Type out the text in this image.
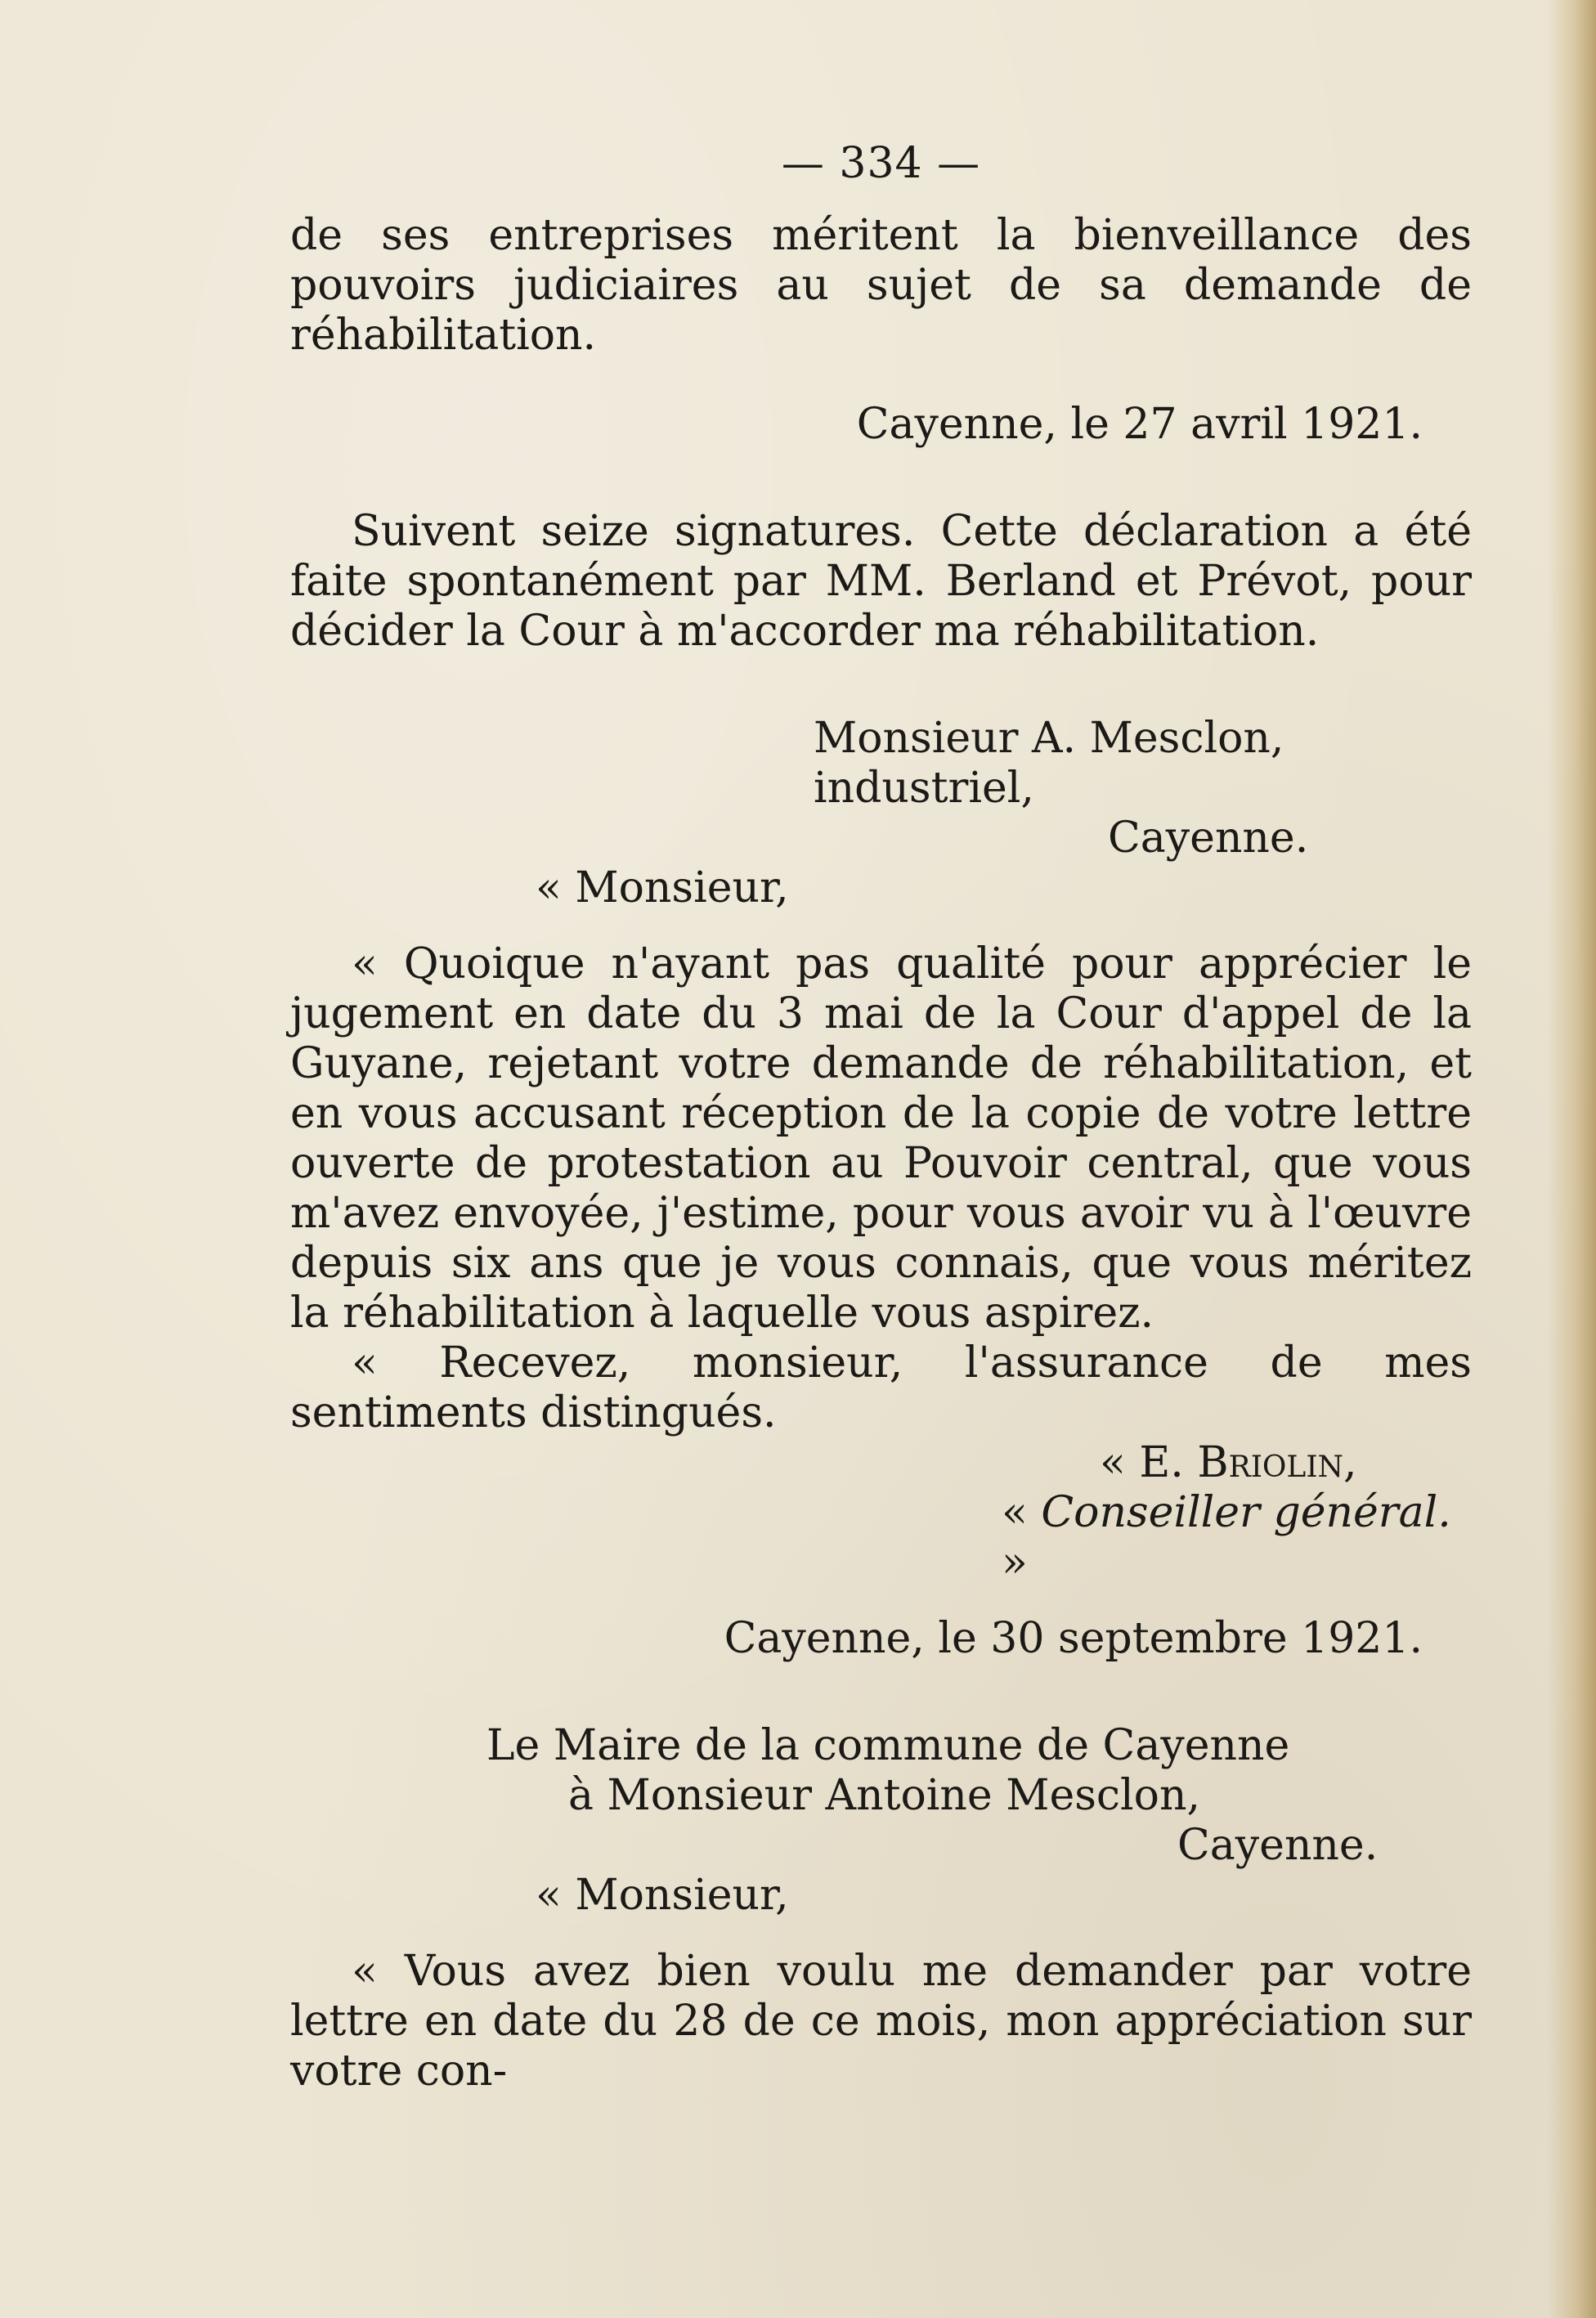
— 334 —

de ses entreprises méritent la bienveillance des pouvoirs judiciaires au sujet de sa demande de réhabilitation.

Cayenne, le 27 avril 1921.

Suivent seize signatures. Cette déclaration a été faite spontanément par MM. Berland et Prévot, pour décider la Cour à m'accorder ma réhabilitation.

Monsieur A. Mesclon, industriel,

Cayenne.

« Monsieur,

« Quoique n'ayant pas qualité pour apprécier le jugement en date du 3 mai de la Cour d'appel de la Guyane, rejetant votre demande de réhabilitation, et en vous accusant réception de la copie de votre lettre ouverte de protestation au Pouvoir central, que vous m'avez envoyée, j'estime, pour vous avoir vu à l'œuvre depuis six ans que je vous connais, que vous méritez la réhabilitation à laquelle vous aspirez.

« Recevez, monsieur, l'assurance de mes sentiments distingués.

« E. Briolin,

« Conseiller général. »

Cayenne, le 30 septembre 1921.

Le Maire de la commune de Cayenne

à Monsieur Antoine Mesclon,

Cayenne.

« Monsieur,

« Vous avez bien voulu me demander par votre lettre en date du 28 de ce mois, mon appréciation sur votre con-
